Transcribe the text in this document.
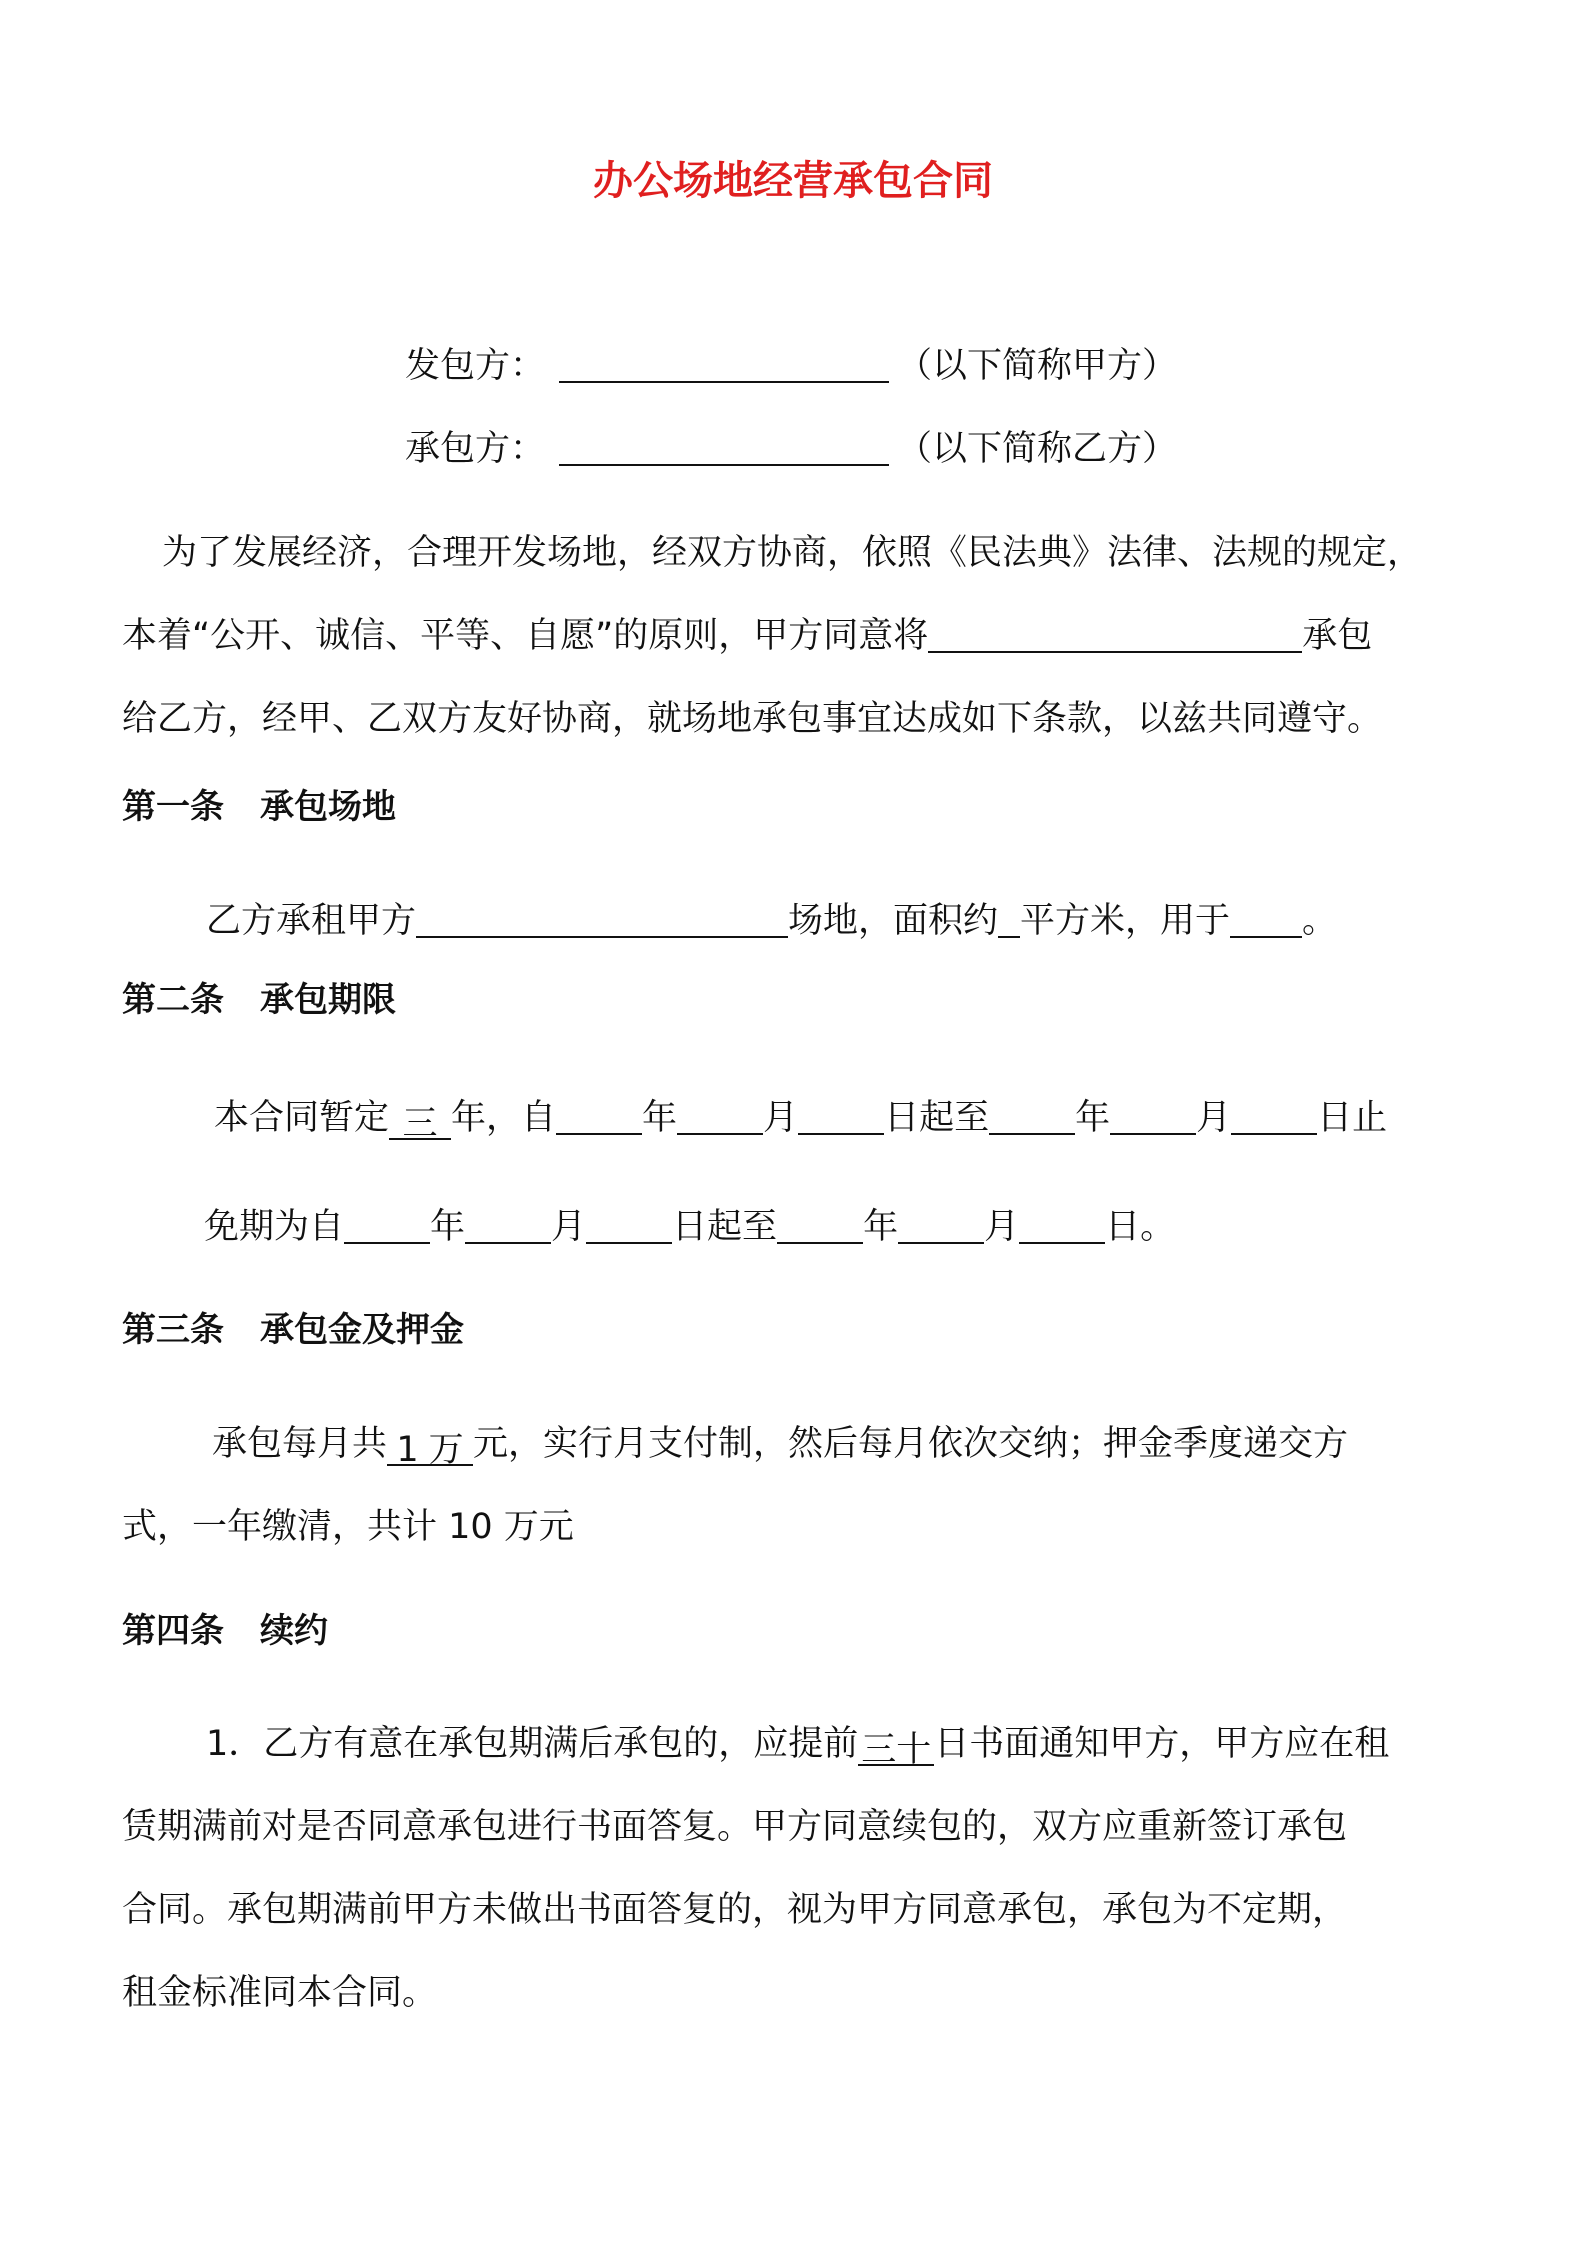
办公场地经营承包合同
发包方：	（以下简称甲方）
承包方：	（以下简称乙方）
为了发展经济，合理开发场地，经双方协商，依照《民法典》法律、法规的规定，
本着“公开、诚信、平等、自愿”的原则，甲方同意将	承包
给乙方，经甲、乙双方友好协商，就场地承包事宜达成如下条款，以兹共同遵守。
第一条 承包场地
乙方承租甲方	场地，面积约 平方米，用于 。
第二条 承包期限
本合同暂定 三 年，自 年 月 日起至 年 月 日止
免期为自 年 月 日起至 年 月 日。
第三条 承包金及押金
承包每月共 1 万 元，实行月支付制，然后每月依次交纳；押金季度递交方
式，一年缴清，共计 10 万元
第四条 续约
1．乙方有意在承包期满后承包的，应提前三十日书面通知甲方，甲方应在租
赁期满前对是否同意承包进行书面答复。甲方同意续包的，双方应重新签订承包
合同。承包期满前甲方未做出书面答复的，视为甲方同意承包，承包为不定期，
租金标准同本合同。
